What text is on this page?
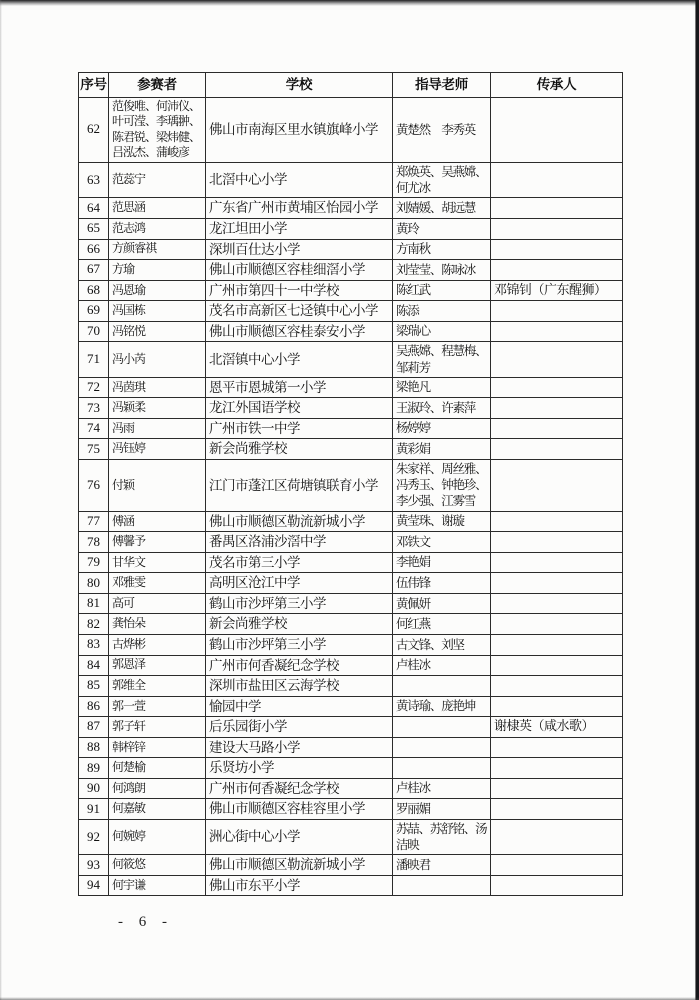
序号	参赛者	学校	指导老师	传承人
62	范俊唯、何沛仪、叶可滢、李瑀翀、陈君锐、梁炜健、吕泓杰、蒲峻彦	佛山市南海区里水镇旗峰小学	黄楚然　李秀英	
63	范蕊宁	北滘中心小学	郑焕英、吴燕嫦、何尤冰	
64	范思涵	广东省广州市黄埔区怡园小学	刘婧媛、胡远慧	
65	范志鸿	龙江坦田小学	黄玲	
66	方颜睿祺	深圳百仕达小学	方南秋	
67	方瑜	佛山市顺德区容桂细滘小学	刘莹莹、陈咏冰	
68	冯恩瑜	广州市第四十一中学校	陈红武	邓锦钊（广东醒狮）
69	冯国栋	茂名市高新区七迳镇中心小学	陈添	
70	冯铭悦	佛山市顺德区容桂泰安小学	梁瑞心	
71	冯小芮	北滘镇中心小学	吴燕嫦、程慧梅、邹莉芳	
72	冯茵琪	恩平市恩城第一小学	梁艳凡	
73	冯颖柔	龙江外国语学校	王淑玲、许素萍	
74	冯雨	广州市铁一中学	杨婷婷	
75	冯钰婷	新会尚雅学校	黄彩娟	
76	付颖	江门市蓬江区荷塘镇联育小学	朱家祥、周丝雅、冯秀玉、钟艳珍、李少强、江雾雪	
77	傅涵	佛山市顺德区勒流新城小学	黄莹珠、谢璇	
78	傅馨予	番禺区洛浦沙滘中学	邓铁文	
79	甘华文	茂名市第三小学	李艳娟	
80	邓雅雯	高明区沧江中学	伍伟锋	
81	高可	鹤山市沙坪第三小学	黄佩妍	
82	龚怡朵	新会尚雅学校	何红燕	
83	古烨彬	鹤山市沙坪第三小学	古文锋、刘坚	
84	郭恩泽	广州市何香凝纪念学校	卢桂冰	
85	郭维全	深圳市盐田区云海学校		
86	郭一萱	愉园中学	黄诗瑜、庞艳坤	
87	郭子轩	后乐园街小学		谢棣英（咸水歌）
88	韩梓锌	建设大马路小学		
89	何楚榆	乐贤坊小学		
90	何鸿朗	广州市何香凝纪念学校	卢桂冰	
91	何嘉敏	佛山市顺德区容桂容里小学	罗丽媚	
92	何婉婷	洲心街中心小学	苏喆、苏舒铭、汤洁映	
93	何筱悠	佛山市顺德区勒流新城小学	潘映君	
94	何宇谦	佛山市东平小学		
- 6 -
